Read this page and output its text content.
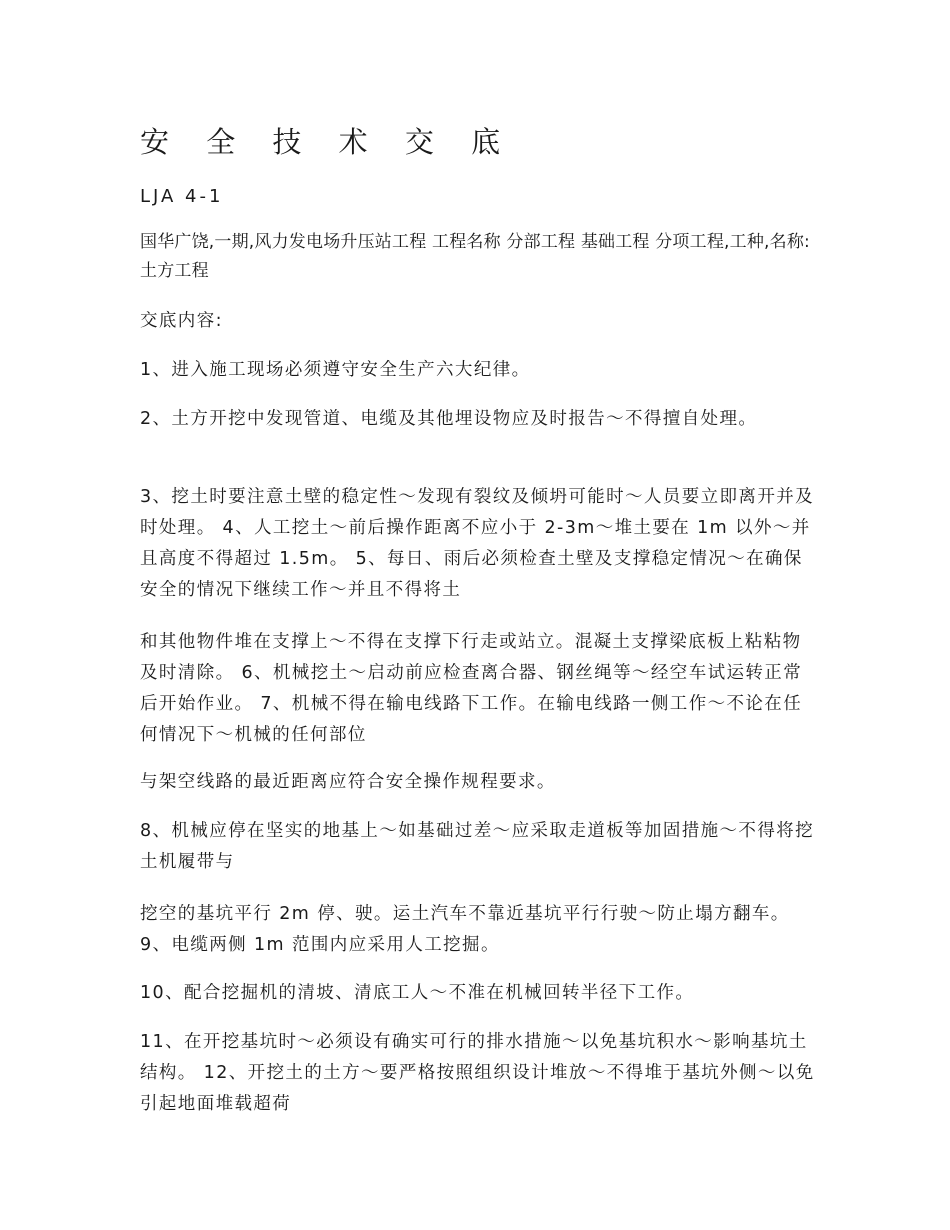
安 全 技 术 交 底
LJA 4-1

国华广饶,一期,风力发电场升压站工程 工程名称 分部工程 基础工程 分项工程,工种,名称:土方工程

交底内容:

1、进入施工现场必须遵守安全生产六大纪律。

2、土方开挖中发现管道、电缆及其他埋设物应及时报告～不得擅自处理。

3、挖土时要注意土壁的稳定性～发现有裂纹及倾坍可能时～人员要立即离开并及时处理。 4、人工挖土～前后操作距离不应小于 2-3m～堆土要在 1m 以外～并且高度不得超过 1.5m。 5、每日、雨后必须检查土壁及支撑稳定情况～在确保安全的情况下继续工作～并且不得将土

和其他物件堆在支撑上～不得在支撑下行走或站立。混凝土支撑梁底板上粘粘物及时清除。 6、机械挖土～启动前应检查离合器、钢丝绳等～经空车试运转正常后开始作业。 7、机械不得在输电线路下工作。在输电线路一侧工作～不论在任何情况下～机械的任何部位

与架空线路的最近距离应符合安全操作规程要求。

8、机械应停在坚实的地基上～如基础过差～应采取走道板等加固措施～不得将挖土机履带与

挖空的基坑平行 2m 停、驶。运土汽车不靠近基坑平行行驶～防止塌方翻车。 9、电缆两侧 1m 范围内应采用人工挖掘。

10、配合挖掘机的清坡、清底工人～不准在机械回转半径下工作。

11、在开挖基坑时～必须设有确实可行的排水措施～以免基坑积水～影响基坑土结构。 12、开挖土的土方～要严格按照组织设计堆放～不得堆于基坑外侧～以免引起地面堆载超荷
